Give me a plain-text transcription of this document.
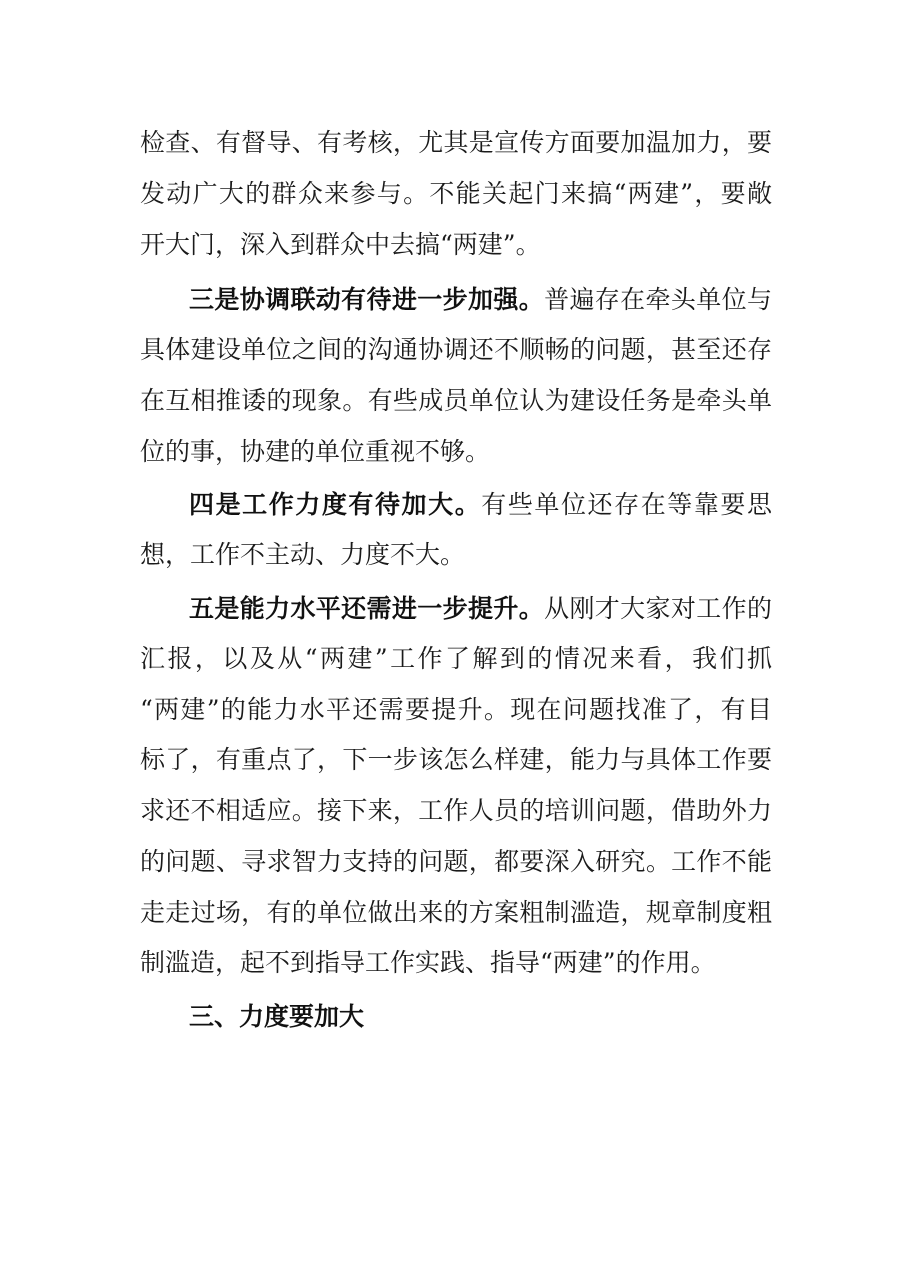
检查、有督导、有考核，尤其是宣传方面要加温加力，要
发动广大的群众来参与。不能关起门来搞“两建”，要敞
开大门，深入到群众中去搞“两建”。
三是协调联动有待进一步加强。普遍存在牵头单位与
具体建设单位之间的沟通协调还不顺畅的问题，甚至还存
在互相推诿的现象。有些成员单位认为建设任务是牵头单
位的事，协建的单位重视不够。
四是工作力度有待加大。有些单位还存在等靠要思
想，工作不主动、力度不大。
五是能力水平还需进一步提升。从刚才大家对工作的
汇报，以及从“两建”工作了解到的情况来看，我们抓
“两建”的能力水平还需要提升。现在问题找准了，有目
标了，有重点了，下一步该怎么样建，能力与具体工作要
求还不相适应。接下来，工作人员的培训问题，借助外力
的问题、寻求智力支持的问题，都要深入研究。工作不能
走走过场，有的单位做出来的方案粗制滥造，规章制度粗
制滥造，起不到指导工作实践、指导“两建”的作用。
三、力度要加大
